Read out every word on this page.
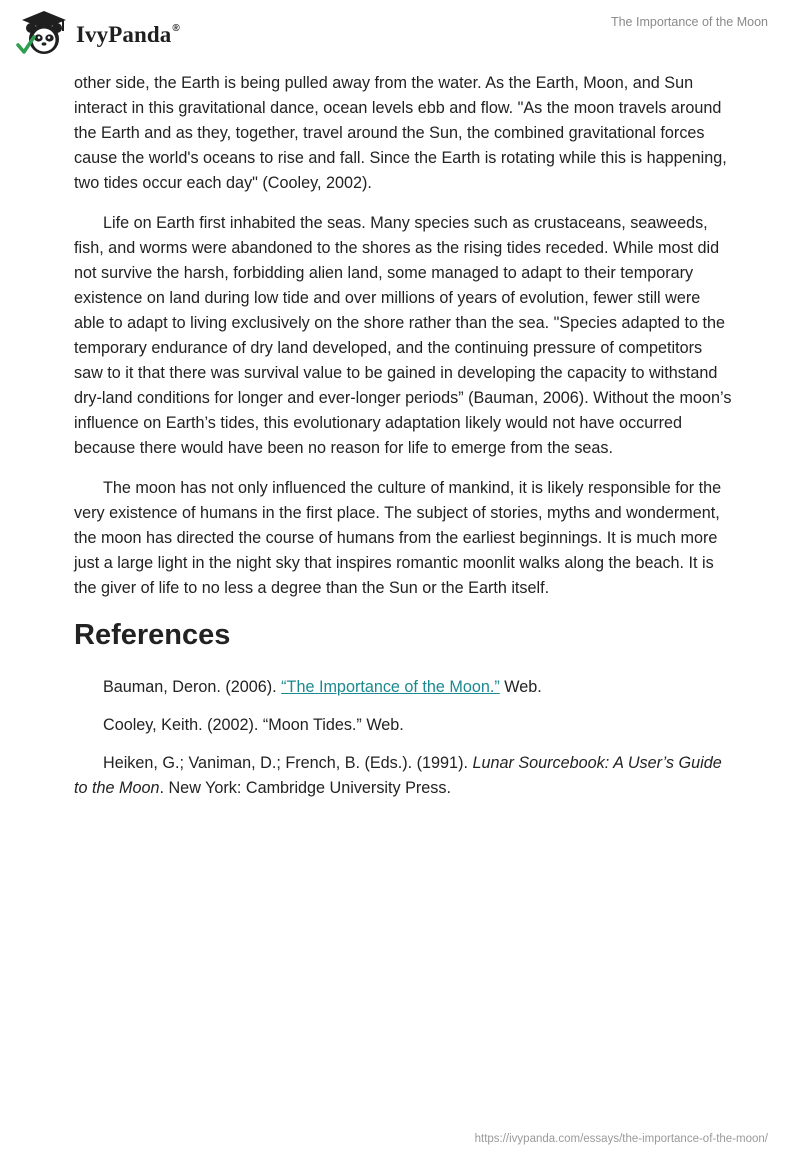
IvyPanda®	The Importance of the Moon

other side, the Earth is being pulled away from the water. As the Earth, Moon, and Sun interact in this gravitational dance, ocean levels ebb and flow. "As the moon travels around the Earth and as they, together, travel around the Sun, the combined gravitational forces cause the world's oceans to rise and fall. Since the Earth is rotating while this is happening, two tides occur each day" (Cooley, 2002).

Life on Earth first inhabited the seas. Many species such as crustaceans, seaweeds, fish, and worms were abandoned to the shores as the rising tides receded. While most did not survive the harsh, forbidding alien land, some managed to adapt to their temporary existence on land during low tide and over millions of years of evolution, fewer still were able to adapt to living exclusively on the shore rather than the sea. "Species adapted to the temporary endurance of dry land developed, and the continuing pressure of competitors saw to it that there was survival value to be gained in developing the capacity to withstand dry-land conditions for longer and ever-longer periods” (Bauman, 2006). Without the moon’s influence on Earth’s tides, this evolutionary adaptation likely would not have occurred because there would have been no reason for life to emerge from the seas.

The moon has not only influenced the culture of mankind, it is likely responsible for the very existence of humans in the first place. The subject of stories, myths and wonderment, the moon has directed the course of humans from the earliest beginnings. It is much more just a large light in the night sky that inspires romantic moonlit walks along the beach. It is the giver of life to no less a degree than the Sun or the Earth itself.

References

Bauman, Deron. (2006). “The Importance of the Moon.” Web.

Cooley, Keith. (2002). “Moon Tides.” Web.

Heiken, G.; Vaniman, D.; French, B. (Eds.). (1991). Lunar Sourcebook: A User’s Guide to the Moon. New York: Cambridge University Press.

https://ivypanda.com/essays/the-importance-of-the-moon/
